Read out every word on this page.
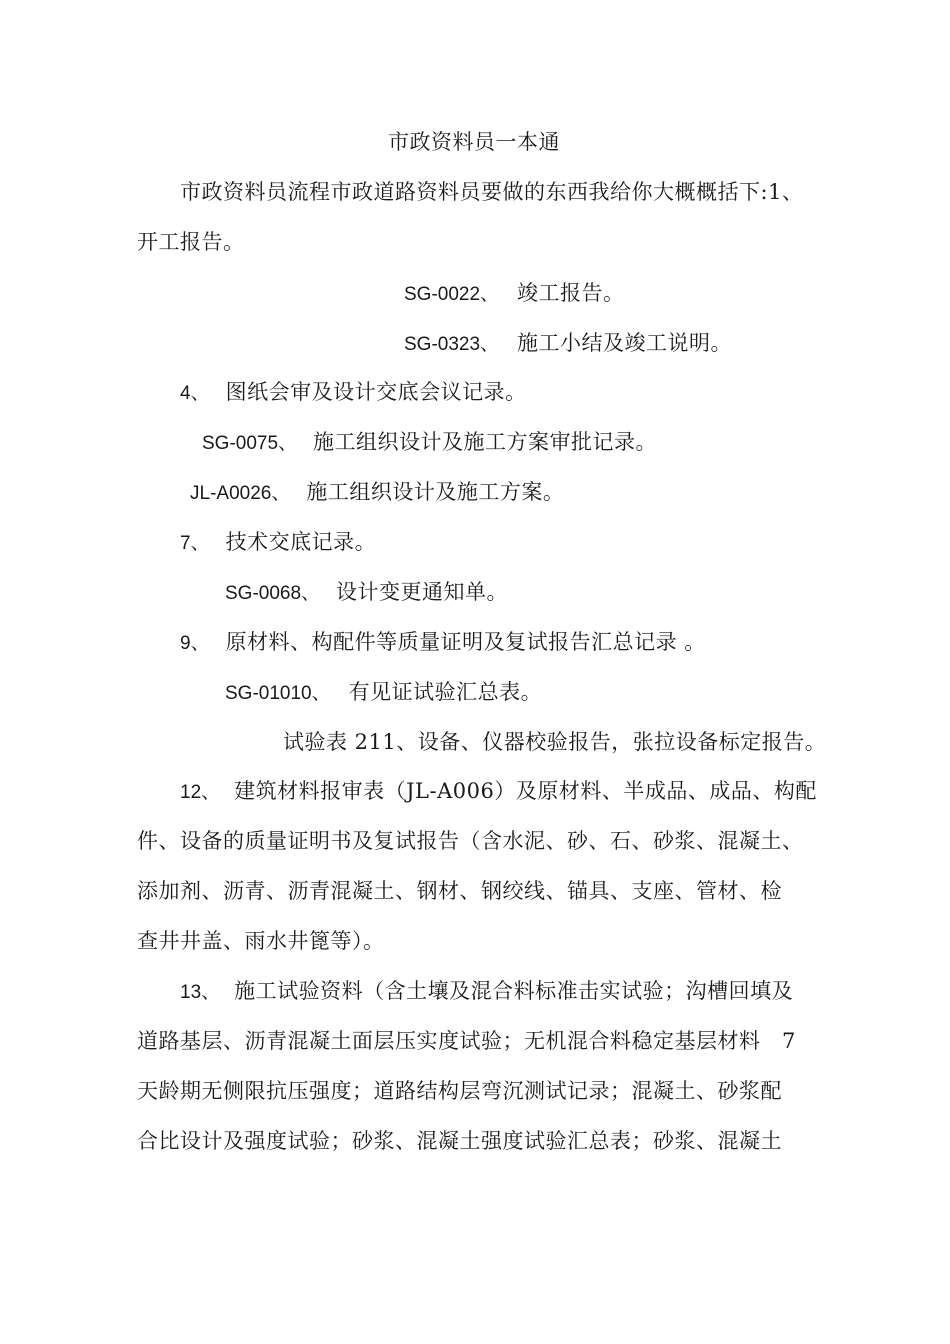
市政资料员一本通
市政资料员流程市政道路资料员要做的东西我给你大概概括下:1、
开工报告。
SG-0022、 竣工报告。
SG-0323、 施工小结及竣工说明。
4、 图纸会审及设计交底会议记录。
SG-0075、 施工组织设计及施工方案审批记录。
JL-A0026、 施工组织设计及施工方案。
7、 技术交底记录。
SG-0068、 设计变更通知单。
9、 原材料、构配件等质量证明及复试报告汇总记录 。
SG-01010、 有见证试验汇总表。
试验表 211、设备、仪器校验报告，张拉设备标定报告。
12、 建筑材料报审表（JL-A006）及原材料、半成品、成品、构配
件、设备的质量证明书及复试报告（含水泥、砂、石、砂浆、混凝土、
添加剂、沥青、沥青混凝土、钢材、钢绞线、锚具、支座、管材、检
查井井盖、雨水井篦等）。
13、 施工试验资料（含土壤及混合料标准击实试验；沟槽回填及
道路基层、沥青混凝土面层压实度试验；无机混合料稳定基层材料　7
天龄期无侧限抗压强度；道路结构层弯沉测试记录；混凝土、砂浆配
合比设计及强度试验；砂浆、混凝土强度试验汇总表；砂浆、混凝土
